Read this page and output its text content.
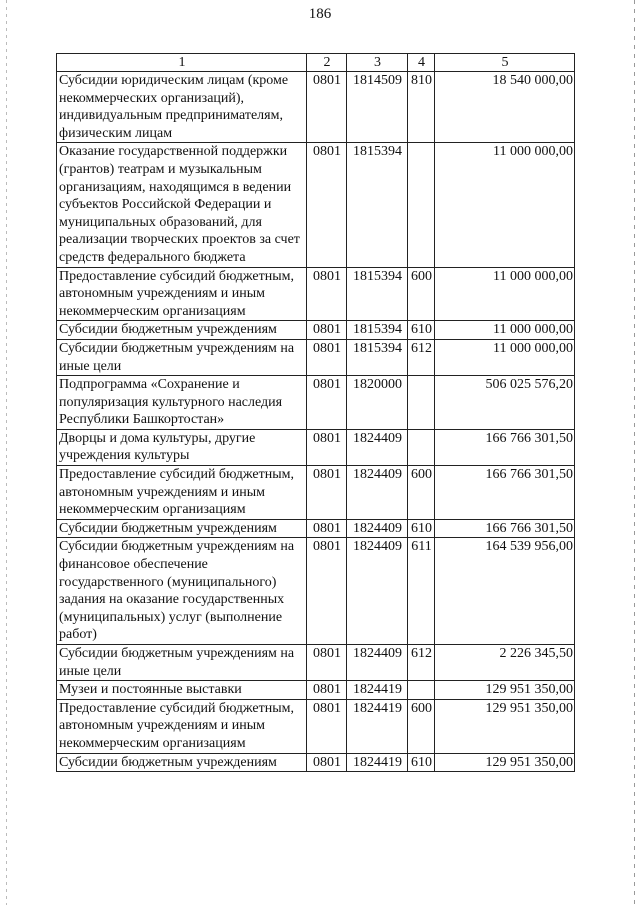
186
1	2	3	4	5
Субсидии юридическим лицам (кроме некоммерческих организаций), индивидуальным предпринимателям, физическим лицам	0801	1814509	810	18 540 000,00
Оказание государственной поддержки (грантов) театрам и музыкальным организациям, находящимся в ведении субъектов Российской Федерации и муниципальных образований, для реализации творческих проектов за счет средств федерального бюджета	0801	1815394		11 000 000,00
Предоставление субсидий бюджетным, автономным учреждениям и иным некоммерческим организациям	0801	1815394	600	11 000 000,00
Субсидии бюджетным учреждениям	0801	1815394	610	11 000 000,00
Субсидии бюджетным учреждениям на иные цели	0801	1815394	612	11 000 000,00
Подпрограмма «Сохранение и популяризация культурного наследия Республики Башкортостан»	0801	1820000		506 025 576,20
Дворцы и дома культуры, другие учреждения культуры	0801	1824409		166 766 301,50
Предоставление субсидий бюджетным, автономным учреждениям и иным некоммерческим организациям	0801	1824409	600	166 766 301,50
Субсидии бюджетным учреждениям	0801	1824409	610	166 766 301,50
Субсидии бюджетным учреждениям на финансовое обеспечение государственного (муниципального) задания на оказание государственных (муниципальных) услуг (выполнение работ)	0801	1824409	611	164 539 956,00
Субсидии бюджетным учреждениям на иные цели	0801	1824409	612	2 226 345,50
Музеи и постоянные выставки	0801	1824419		129 951 350,00
Предоставление субсидий бюджетным, автономным учреждениям и иным некоммерческим организациям	0801	1824419	600	129 951 350,00
Субсидии бюджетным учреждениям	0801	1824419	610	129 951 350,00
